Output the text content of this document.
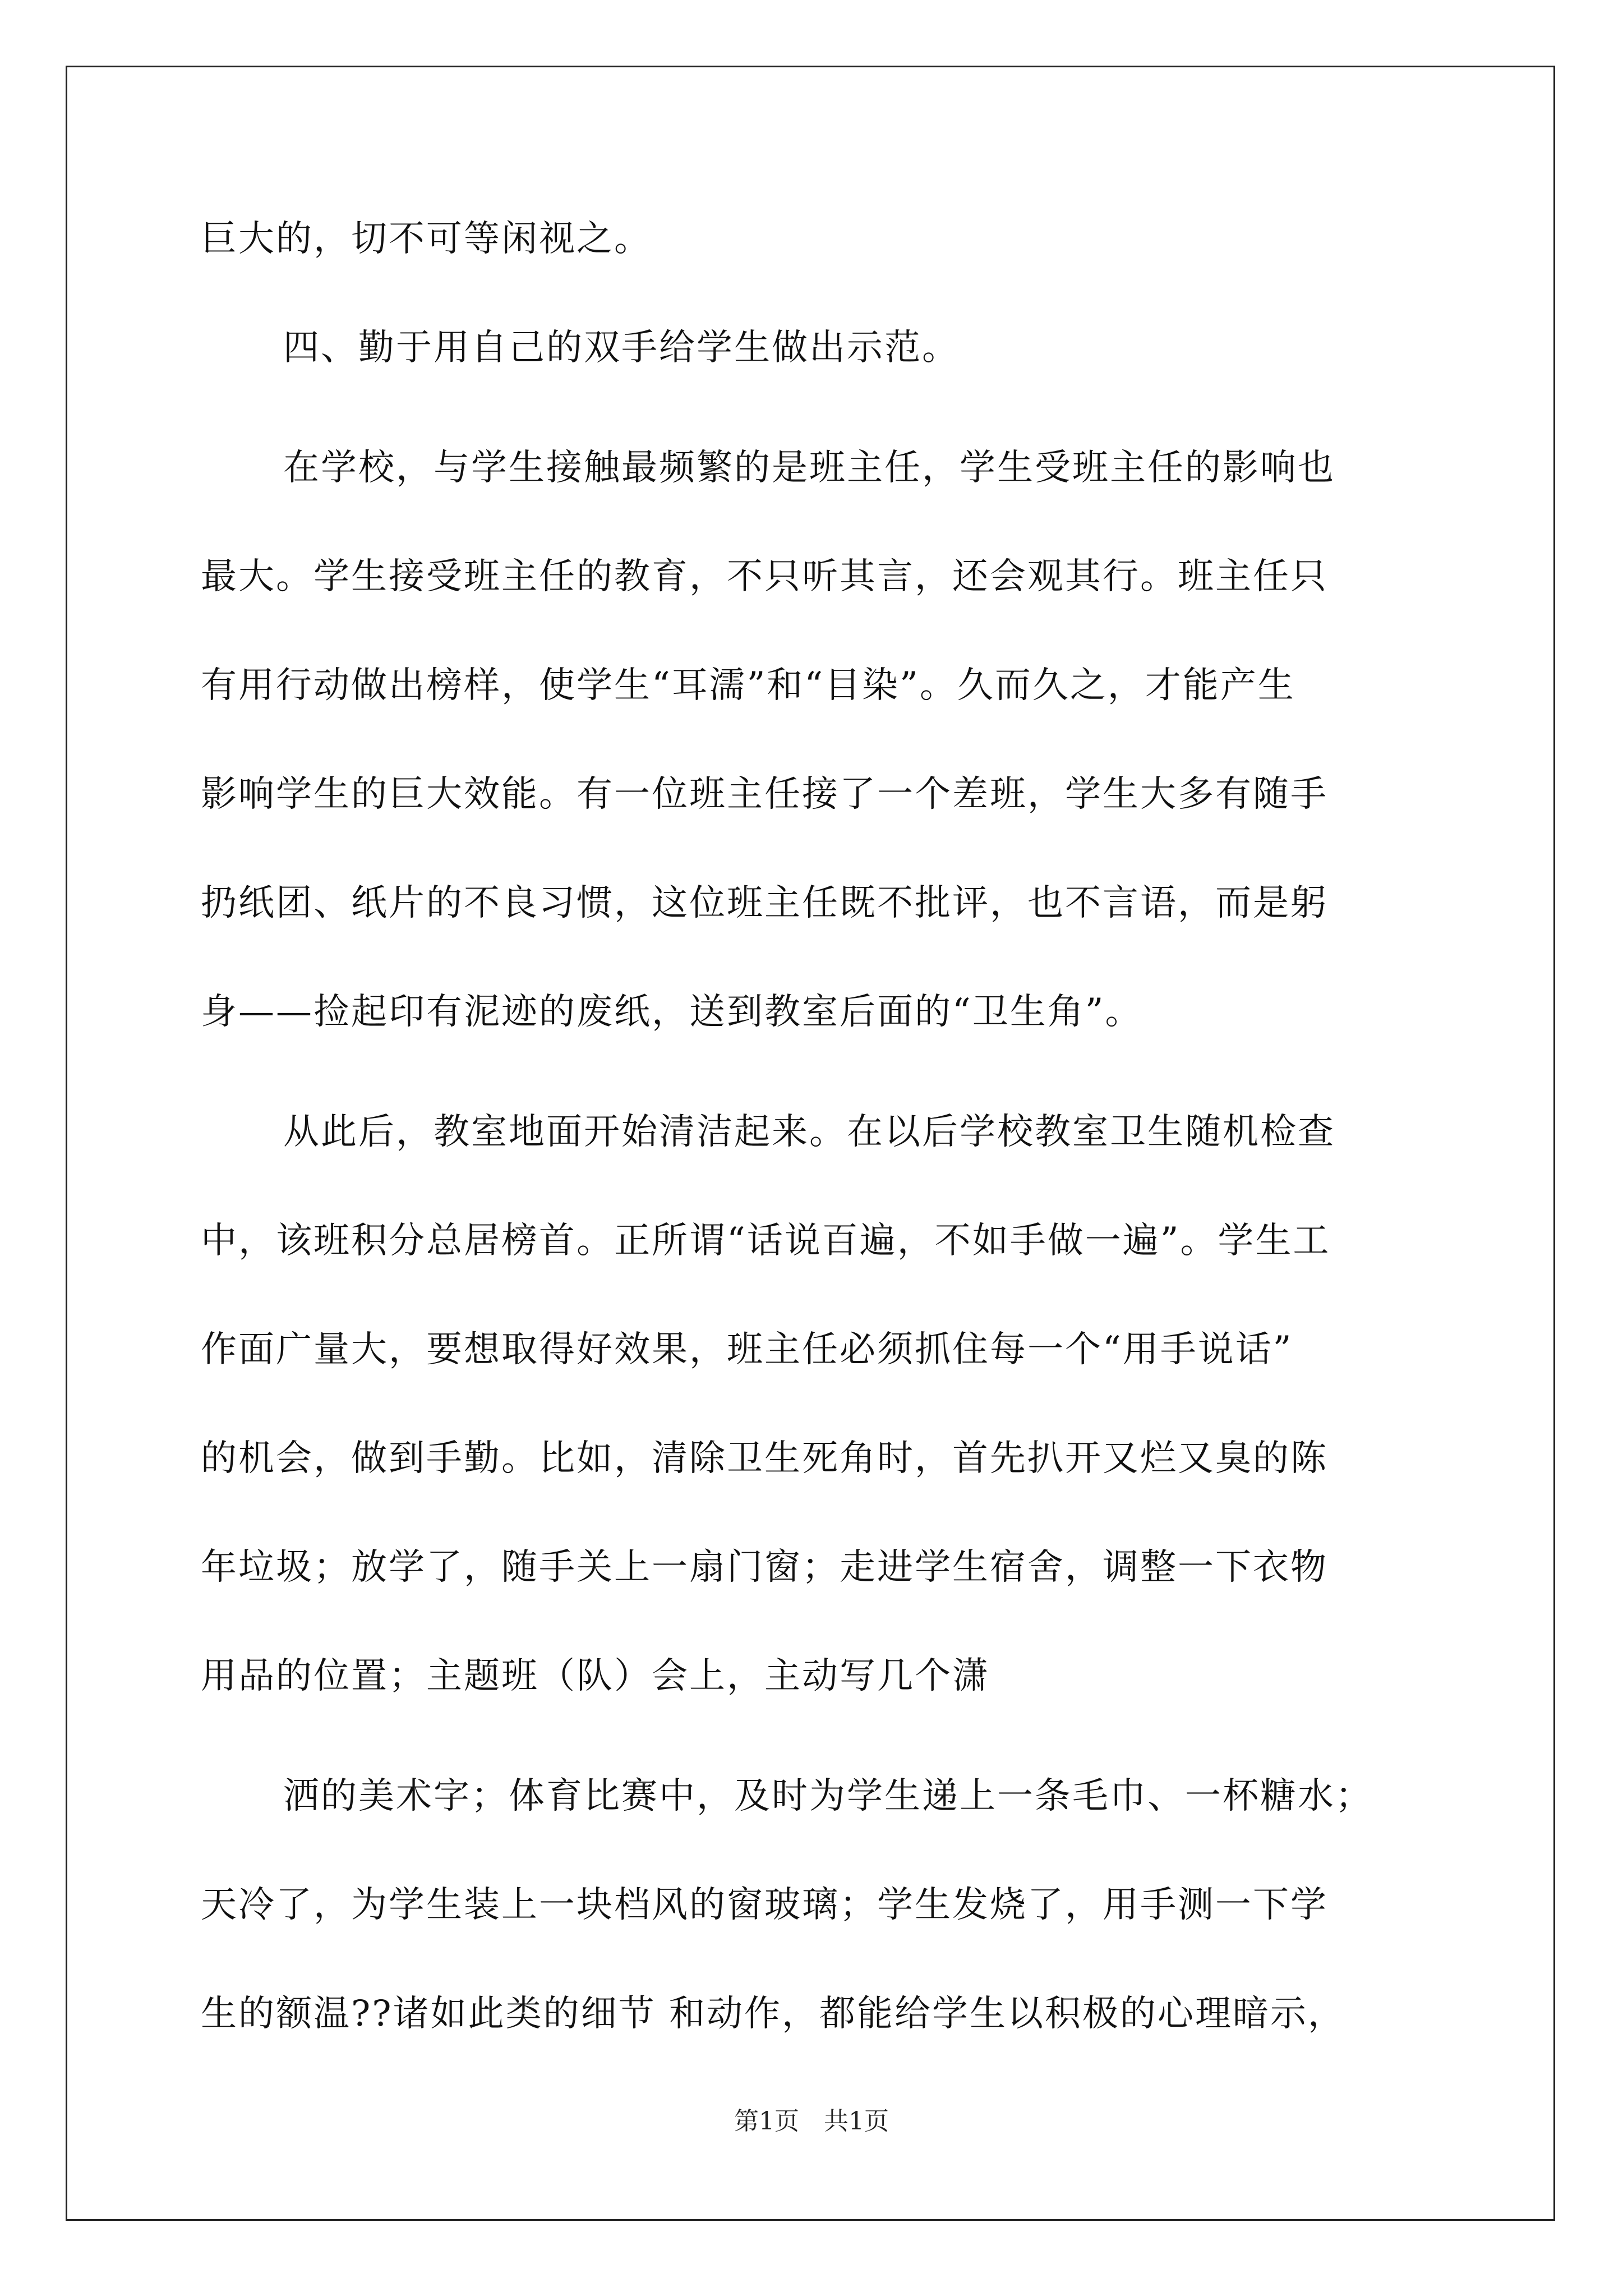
巨大的，切不可等闲视之。

四、勤于用自己的双手给学生做出示范。

在学校，与学生接触最频繁的是班主任，学生受班主任的影响也

最大。学生接受班主任的教育，不只听其言，还会观其行。班主任只

有用行动做出榜样，使学生“耳濡”和“目染”。久而久之，才能产生

影响学生的巨大效能。有一位班主任接了一个差班，学生大多有随手

扔纸团、纸片的不良习惯，这位班主任既不批评，也不言语，而是躬

身——捡起印有泥迹的废纸，送到教室后面的“卫生角”。

从此后，教室地面开始清洁起来。在以后学校教室卫生随机检查

中，该班积分总居榜首。正所谓“话说百遍，不如手做一遍”。学生工

作面广量大，要想取得好效果，班主任必须抓住每一个“用手说话”

的机会，做到手勤。比如，清除卫生死角时，首先扒开又烂又臭的陈

年垃圾；放学了，随手关上一扇门窗；走进学生宿舍，调整一下衣物

用品的位置；主题班（队）会上，主动写几个潇

洒的美术字；体育比赛中，及时为学生递上一条毛巾、一杯糖水；

天冷了，为学生装上一块档风的窗玻璃；学生发烧了，用手测一下学

生的额温??诸如此类的细节 和动作，都能给学生以积极的心理暗示，

第1页　共1页
